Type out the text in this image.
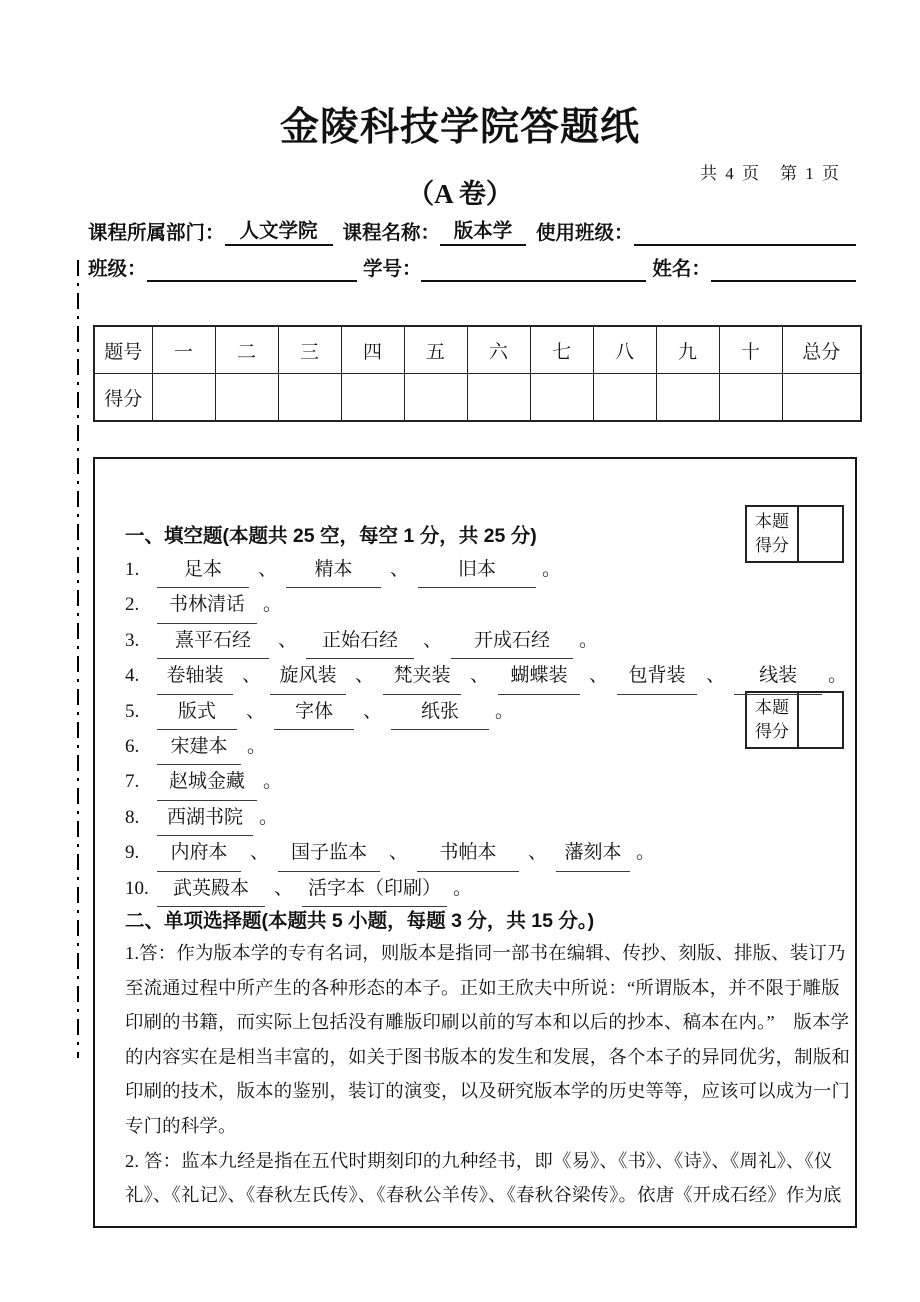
金陵科技学院答题纸
共 4 页　第 1 页
（A 卷）
课程所属部门： 人文学院	课程名称： 版本学	使用班级：
班级：	学号：	姓名：
题号	一	二	三	四	五	六	七	八	九	十	总分
得分											
本题
得分
本题
得分
一、填空题(本题共 25 空，每空 1 分，共 25 分)
1. 足本 、 精本 、	旧本 。
2. 书林清话 。
3. 熹平石经 、 正始石经 、 开成石经 。
4. 卷轴装 、 旋风装 、 梵夹装 、 蝴蝶装 、 包背装 、 线装 。
5. 版式 、 字体 、 纸张 。
6. 宋建本 。
7. 赵城金藏 。
8. 西湖书院 。
9. 内府本 、 国子监本 、 书帕本 、 藩刻本 。
10. 武英殿本 、 活字本（印刷） 。
二、单项选择题(本题共 5 小题，每题 3 分，共 15 分。)
1.答：作为版本学的专有名词，则版本是指同一部书在编辑、传抄、刻版、排版、装订乃
至流通过程中所产生的各种形态的本子。正如王欣夫中所说：“所谓版本，并不限于雕版
印刷的书籍，而实际上包括没有雕版印刷以前的写本和以后的抄本、稿本在内。”　版本学
的内容实在是相当丰富的，如关于图书版本的发生和发展，各个本子的异同优劣，制版和
印刷的技术，版本的鉴别，装订的演变，以及研究版本学的历史等等，应该可以成为一门
专门的科学。
2. 答：监本九经是指在五代时期刻印的九种经书，即《易》、《书》、《诗》、《周礼》、《仪
礼》、《礼记》、《春秋左氏传》、《春秋公羊传》、《春秋谷梁传》。依唐《开成石经》作为底
